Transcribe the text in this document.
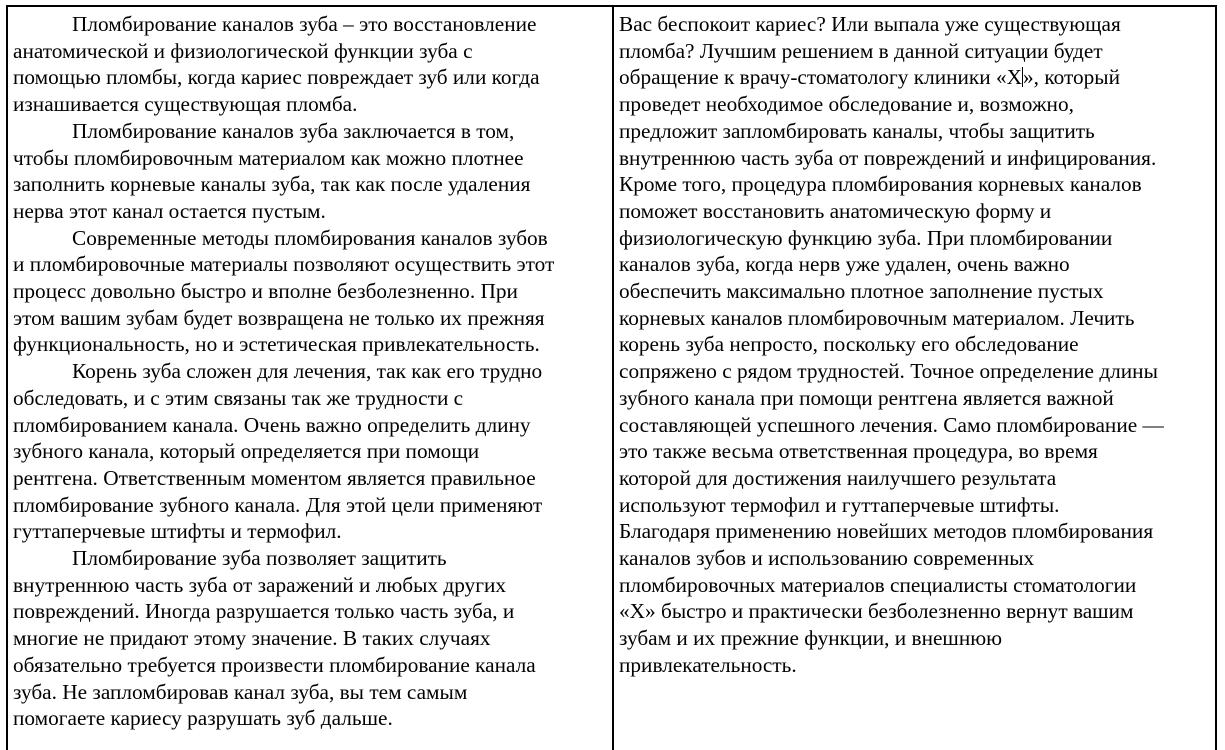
Пломбирование каналов зуба – это восстановление
анатомической и физиологической функции зуба с
помощью пломбы, когда кариес повреждает зуб или когда
изнашивается существующая пломба.

Пломбирование каналов зуба заключается в том,
чтобы пломбировочным материалом как можно плотнее
заполнить корневые каналы зуба, так как после удаления
нерва этот канал остается пустым.

Современные методы пломбирования каналов зубов
и пломбировочные материалы позволяют осуществить этот
процесс довольно быстро и вполне безболезненно. При
этом вашим зубам будет возвращена не только их прежняя
функциональность, но и эстетическая привлекательность.

Корень зуба сложен для лечения, так как его трудно
обследовать, и с этим связаны так же трудности с
пломбированием канала. Очень важно определить длину
зубного канала, который определяется при помощи
рентгена. Ответственным моментом является правильное
пломбирование зубного канала. Для этой цели применяют
гуттаперчевые штифты и термофил.

Пломбирование зуба позволяет защитить
внутреннюю часть зуба от заражений и любых других
повреждений. Иногда разрушается только часть зуба, и
многие не придают этому значение. В таких случаях
обязательно требуется произвести пломбирование канала
зуба. Не запломбировав канал зуба, вы тем самым
помогаете кариесу разрушать зуб дальше.

Вас беспокоит кариес? Или выпала уже существующая
пломба? Лучшим решением в данной ситуации будет
обращение к врачу-стоматологу клиники «Х», который
проведет необходимое обследование и, возможно,
предложит запломбировать каналы, чтобы защитить
внутреннюю часть зуба от повреждений и инфицирования.
Кроме того, процедура пломбирования корневых каналов
поможет восстановить анатомическую форму и
физиологическую функцию зуба. При пломбировании
каналов зуба, когда нерв уже удален, очень важно
обеспечить максимально плотное заполнение пустых
корневых каналов пломбировочным материалом. Лечить
корень зуба непросто, поскольку его обследование
сопряжено с рядом трудностей. Точное определение длины
зубного канала при помощи рентгена является важной
составляющей успешного лечения. Само пломбирование —
это также весьма ответственная процедура, во время
которой для достижения наилучшего результата
используют термофил и гуттаперчевые штифты.
Благодаря применению новейших методов пломбирования
каналов зубов и использованию современных
пломбировочных материалов специалисты стоматологии
«Х» быстро и практически безболезненно вернут вашим
зубам и их прежние функции, и внешнюю
привлекательность.
